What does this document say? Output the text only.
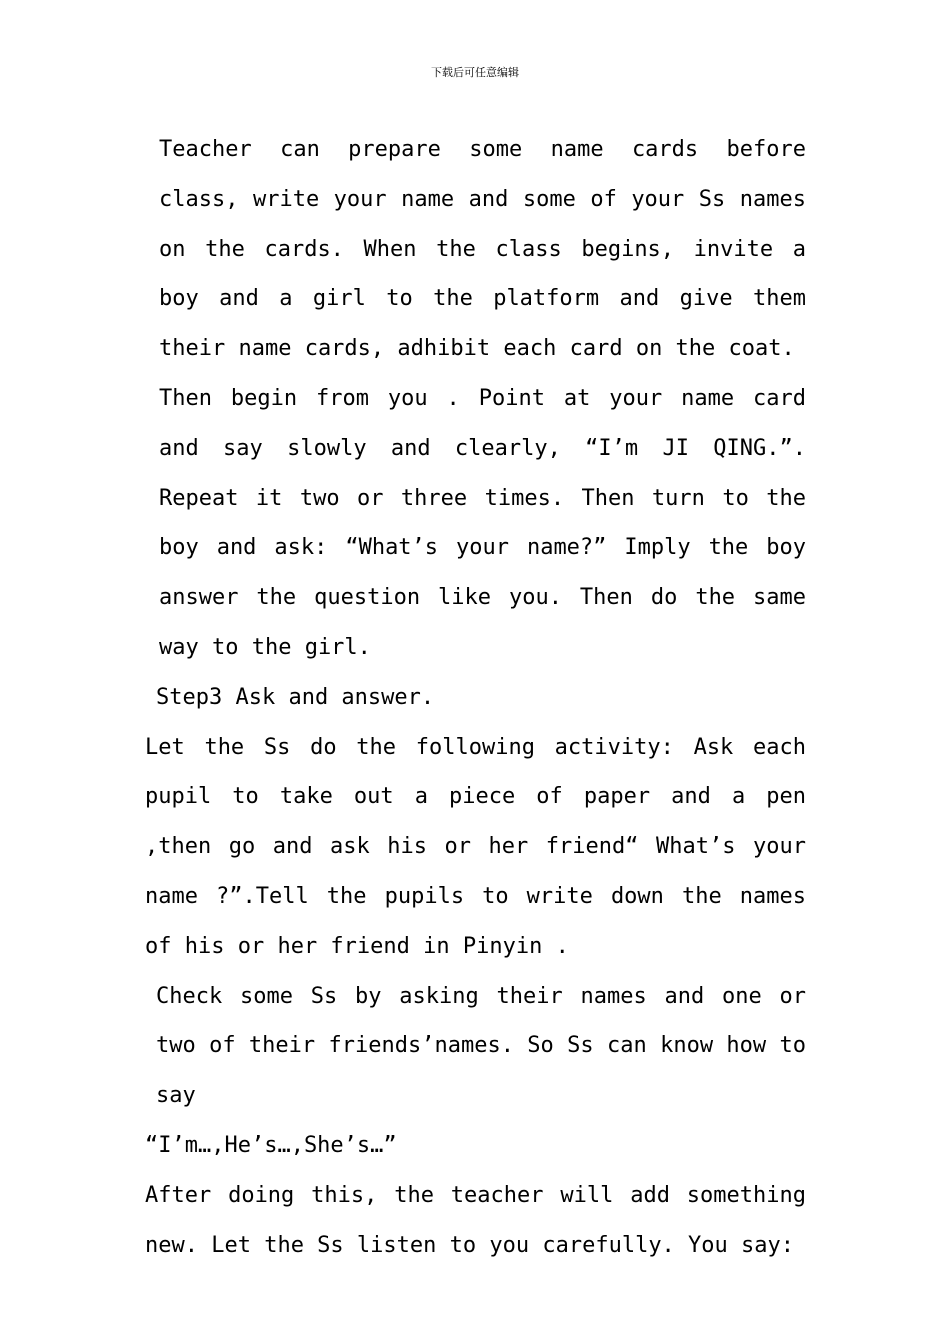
下载后可任意编辑

Teacher can prepare some name cards before class, write your name and some of your Ss names on the cards. When the class begins, invite a boy and a girl to the platform and give them their name cards, adhibit each card on the coat.

Then begin from you . Point at your name card and say slowly and clearly, “I’m JI QING.”. Repeat it two or three times. Then turn to the boy and ask: “What’s your name?” Imply the boy answer the question like you. Then do the same way to the girl.

Step3 Ask and answer.

Let the Ss do the following activity: Ask each pupil to take out a piece of paper and a pen ,then go and ask his or her friend“ What’s your name ?”.Tell the pupils to write down the names of his or her friend in Pinyin .

Check some Ss by asking their names and one or two of their friends’names. So Ss can know how to say

“I’m…,He’s…,She’s…”

After doing this, the teacher will add something new. Let the Ss listen to you carefully. You say:
